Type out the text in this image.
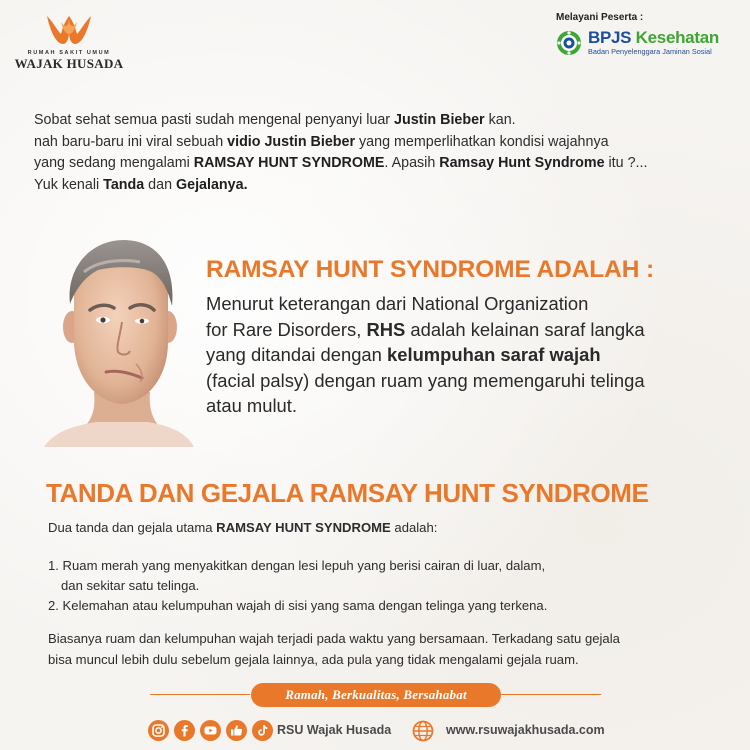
RUMAH SAKIT UMUM
WAJAK HUSADA
Melayani Peserta :
BPJS Kesehatan
Badan Penyelenggara Jaminan Sosial
Sobat sehat semua pasti sudah mengenal penyanyi luar Justin Bieber kan.
nah baru-baru ini viral sebuah vidio Justin Bieber yang memperlihatkan kondisi wajahnya
yang sedang mengalami RAMSAY HUNT SYNDROME. Apasih Ramsay Hunt Syndrome itu ?...
Yuk kenali Tanda dan Gejalanya.
RAMSAY HUNT SYNDROME ADALAH :
Menurut keterangan dari National Organization
for Rare Disorders, RHS adalah kelainan saraf langka
yang ditandai dengan kelumpuhan saraf wajah
(facial palsy) dengan ruam yang memengaruhi telinga
atau mulut.
TANDA DAN GEJALA RAMSAY HUNT SYNDROME
Dua tanda dan gejala utama RAMSAY HUNT SYNDROME adalah:
1. Ruam merah yang menyakitkan dengan lesi lepuh yang berisi cairan di luar, dalam,
dan sekitar satu telinga.
2. Kelemahan atau kelumpuhan wajah di sisi yang sama dengan telinga yang terkena.
Biasanya ruam dan kelumpuhan wajah terjadi pada waktu yang bersamaan. Terkadang satu gejala
bisa muncul lebih dulu sebelum gejala lainnya, ada pula yang tidak mengalami gejala ruam.
Ramah, Berkualitas, Bersahabat
RSU Wajak Husada	www.rsuwajakhusada.com
